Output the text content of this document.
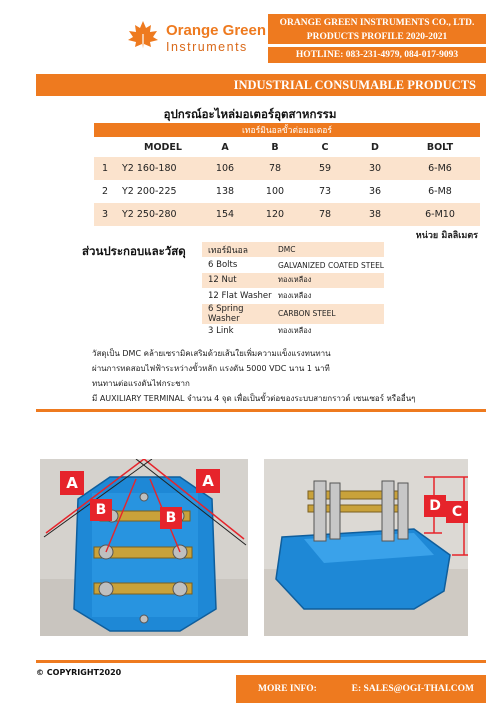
Orange Green
Instruments
ORANGE GREEN INSTRUMENTS CO., LTD.
PRODUCTS PROFILE 2020-2021
HOTLINE: 083-231-4979, 084-017-9093
INDUSTRIAL CONSUMABLE PRODUCTS
อุปกรณ์อะไหล่มอเตอร์อุตสาหกรรม
เทอร์มินอลขั้วต่อมอเตอร์						
	MODEL	A	B	C	D	BOLT
1	Y2 160-180	106	78	59	30	6-M6
2	Y2 200-225	138	100	73	36	6-M8
3	Y2 250-280	154	120	78	38	6-M10
หน่วย มิลลิเมตร
ส่วนประกอบและวัสดุ	เทอร์มินอล	DMC
6 Bolts	GALVANIZED COATED STEEL
12 Nut	ทองเหลือง
12 Flat Washer	ทองเหลือง
6 Spring Washer	CARBON STEEL
3 Link	ทองเหลือง
วัสดุเป็น DMC คล้ายเซรามิคเสริมด้วยเส้นใยเพิ่มความแข็งแรงทนทาน
ผ่านการทดสอบไฟฟ้าระหว่างขั้วหลัก แรงดัน 5000 VDC นาน 1 นาที
ทนทานต่อแรงดันไฟกระชาก
มี AUXILIARY TERMINAL จำนวน 4 จุด เพื่อเป็นขั้วต่อของระบบสายกราวด์ เซนเซอร์ หรืออื่นๆ
A	A
B	B
D C
© COPYRIGHT2020
MORE INFO:	E: SALES@OGI-THAI.COM
